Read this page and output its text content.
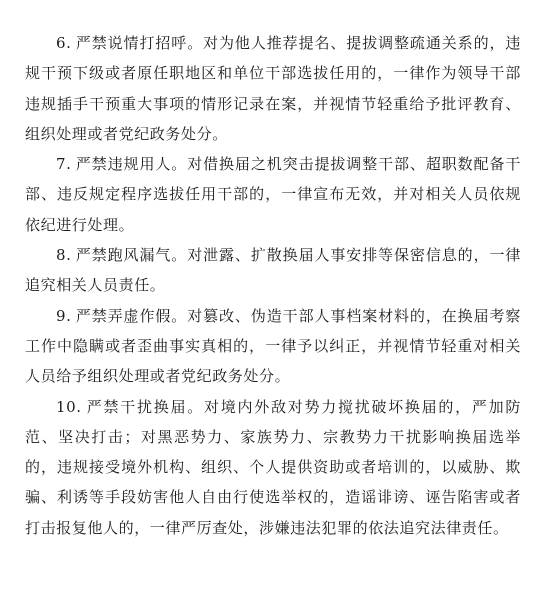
6. 严禁说情打招呼。对为他人推荐提名、提拔调整疏通关系的，违规干预下级或者原任职地区和单位干部选拔任用的，一律作为领导干部违规插手干预重大事项的情形记录在案，并视情节轻重给予批评教育、组织处理或者党纪政务处分。

7. 严禁违规用人。对借换届之机突击提拔调整干部、超职数配备干部、违反规定程序选拔任用干部的，一律宣布无效，并对相关人员依规依纪进行处理。

8. 严禁跑风漏气。对泄露、扩散换届人事安排等保密信息的，一律追究相关人员责任。

9. 严禁弄虚作假。对篡改、伪造干部人事档案材料的，在换届考察工作中隐瞒或者歪曲事实真相的，一律予以纠正，并视情节轻重对相关人员给予组织处理或者党纪政务处分。

10. 严禁干扰换届。对境内外敌对势力搅扰破坏换届的，严加防范、坚决打击；对黑恶势力、家族势力、宗教势力干扰影响换届选举的，违规接受境外机构、组织、个人提供资助或者培训的，以威胁、欺骗、利诱等手段妨害他人自由行使选举权的，造谣诽谤、诬告陷害或者打击报复他人的，一律严厉查处，涉嫌违法犯罪的依法追究法律责任。
